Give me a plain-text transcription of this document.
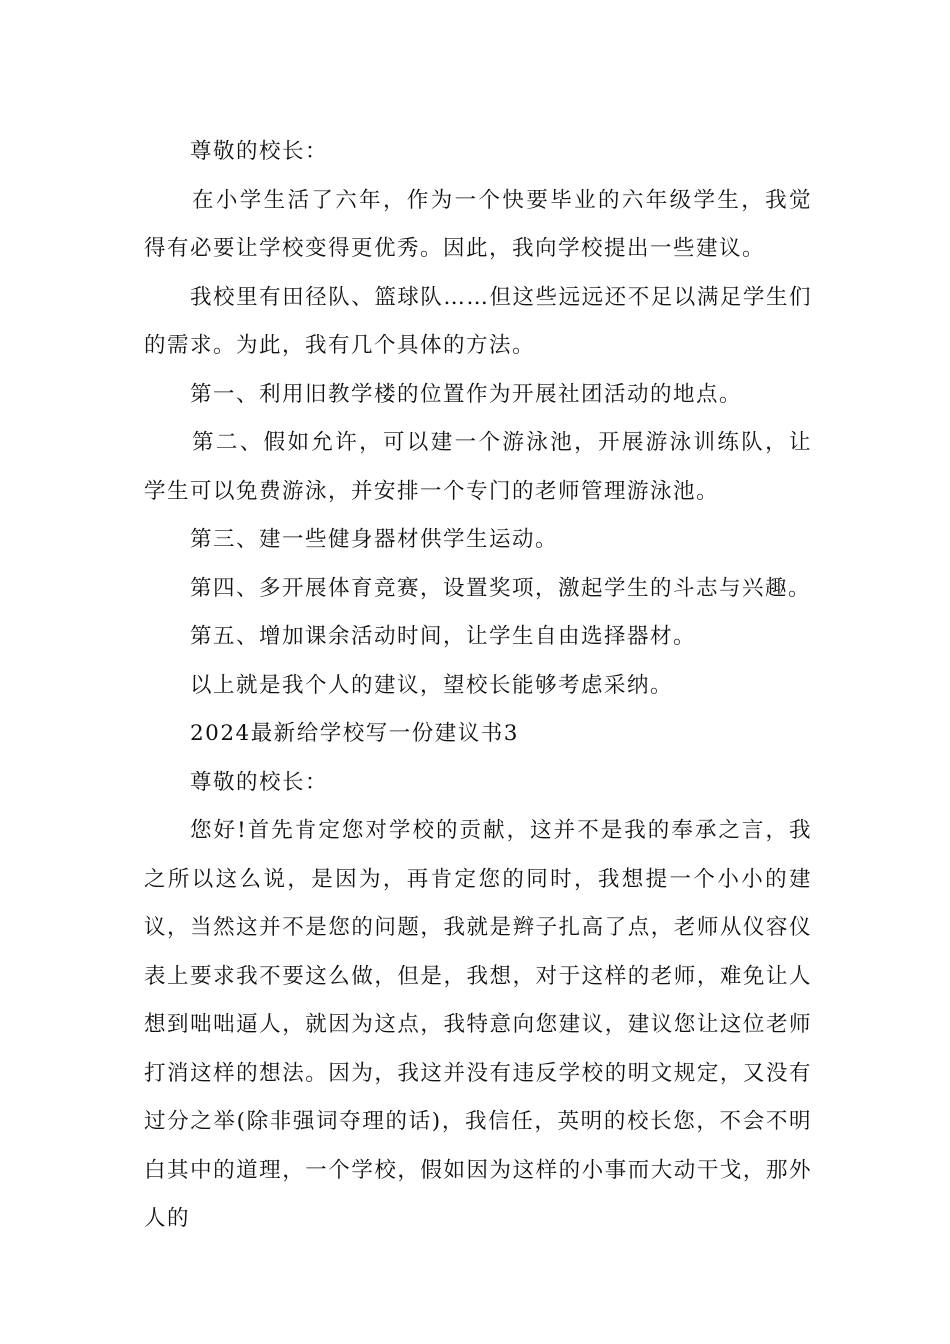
尊敬的校长：

在小学生活了六年，作为一个快要毕业的六年级学生，我觉得有必要让学校变得更优秀。因此，我向学校提出一些建议。

我校里有田径队、篮球队……但这些远远还不足以满足学生们的需求。为此，我有几个具体的方法。

第一、利用旧教学楼的位置作为开展社团活动的地点。

第二、假如允许，可以建一个游泳池，开展游泳训练队，让学生可以免费游泳，并安排一个专门的老师管理游泳池。

第三、建一些健身器材供学生运动。

第四、多开展体育竞赛，设置奖项，激起学生的斗志与兴趣。

第五、增加课余活动时间，让学生自由选择器材。

以上就是我个人的建议，望校长能够考虑采纳。

2024最新给学校写一份建议书3

尊敬的校长：

您好!首先肯定您对学校的贡献，这并不是我的奉承之言，我之所以这么说，是因为，再肯定您的同时，我想提一个小小的建议，当然这并不是您的问题，我就是辫子扎高了点，老师从仪容仪表上要求我不要这么做，但是，我想，对于这样的老师，难免让人想到咄咄逼人，就因为这点，我特意向您建议，建议您让这位老师打消这样的想法。因为，我这并没有违反学校的明文规定，又没有过分之举(除非强词夺理的话)，我信任，英明的校长您，不会不明白其中的道理，一个学校，假如因为这样的小事而大动干戈，那外人的
